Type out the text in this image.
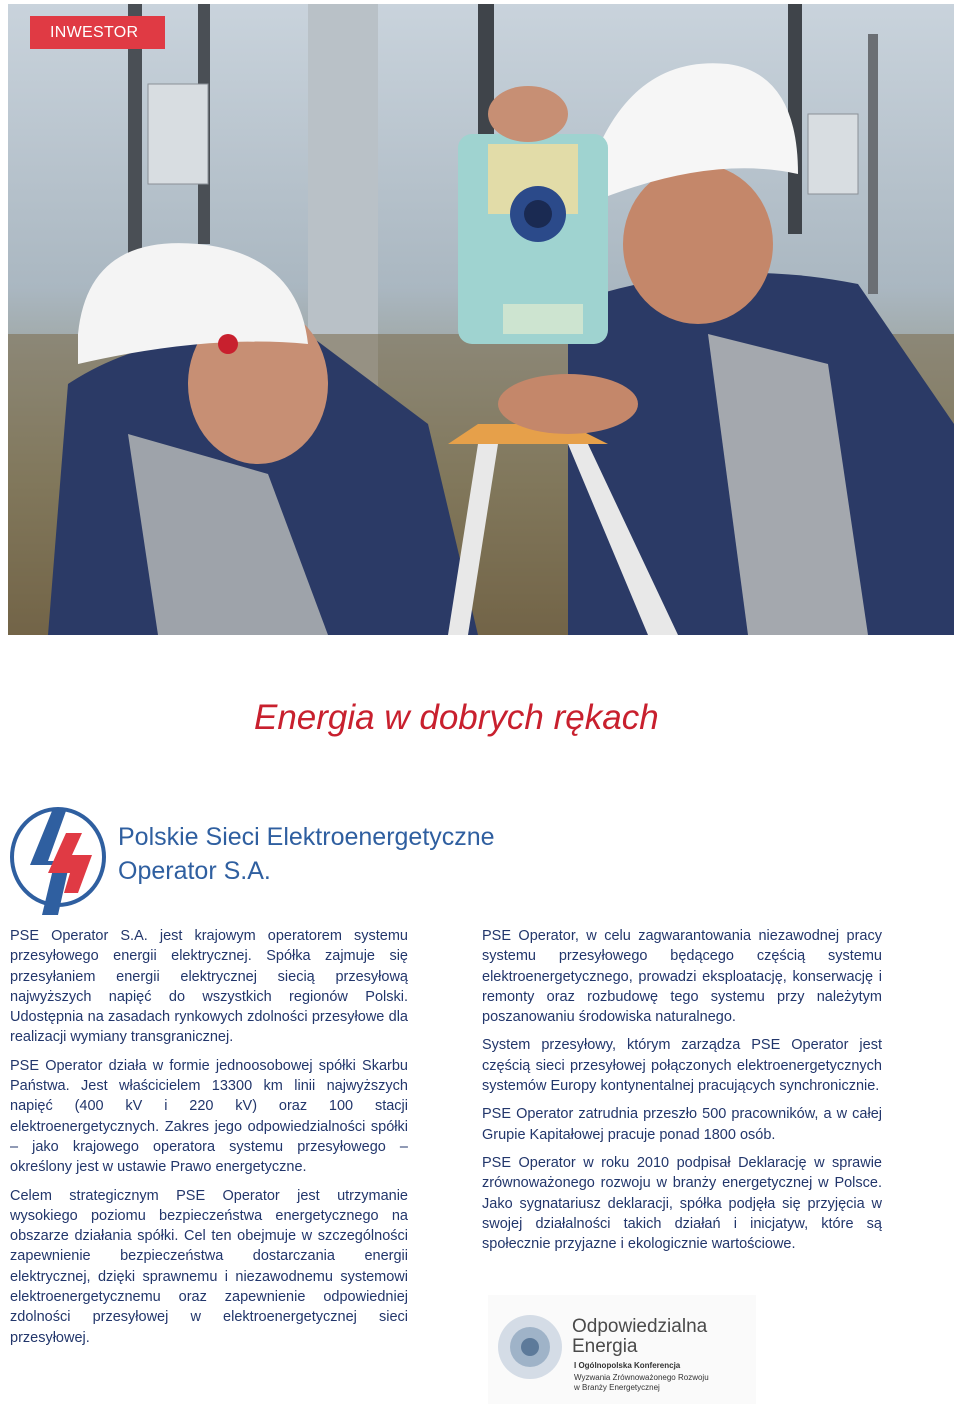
INWESTOR
Energia w dobrych rękach
Polskie Sieci Elektroenergetyczne
Operator S.A.

PSE Operator S.A. jest krajowym operatorem systemu przesyłowego energii elektrycznej. Spółka zajmuje się przesyłaniem energii elektrycznej siecią przesyłową najwyższych napięć do wszystkich regionów Polski. Udostępnia na zasadach rynkowych zdolności przesyłowe dla realizacji wymiany transgranicznej.

PSE Operator działa w formie jednoosobowej spółki Skarbu Państwa. Jest właścicielem 13300 km linii najwyższych napięć (400 kV i 220 kV) oraz 100 stacji elektroenergetycznych. Zakres jego odpowiedzialności spółki – jako krajowego operatora systemu przesyłowego – określony jest w ustawie Prawo energetyczne.

Celem strategicznym PSE Operator jest utrzymanie wysokiego poziomu bezpieczeństwa energetycznego na obszarze działania spółki. Cel ten obejmuje w szczególności zapewnienie bezpieczeństwa dostarczania energii elektrycznej, dzięki sprawnemu i niezawodnemu systemowi elektroenergetycznemu oraz zapewnienie odpowiedniej zdolności przesyłowej w elektroenergetycznej sieci przesyłowej.

PSE Operator, w celu zagwarantowania niezawodnej pracy systemu przesyłowego będącego częścią systemu elektroenergetycznego, prowadzi eksploatację, konserwację i remonty oraz rozbudowę tego systemu przy należytym poszanowaniu środowiska naturalnego.

System przesyłowy, którym zarządza PSE Operator jest częścią sieci przesyłowej połączonych elektroenergetycznych systemów Europy kontynentalnej pracujących synchronicznie.

PSE Operator zatrudnia przeszło 500 pracowników, a w całej Grupie Kapitałowej pracuje ponad 1800 osób.

PSE Operator w roku 2010 podpisał Deklarację w sprawie zrównoważonego rozwoju w branży energetycznej w Polsce. Jako sygnatariusz deklaracji, spółka podjęła się przyjęcia w swojej działalności takich działań i inicjatyw, które są społecznie przyjazne i ekologicznie wartościowe.

Odpowiedzialna
Energia
I Ogólnopolska Konferencja
Wyzwania Zrównoważonego Rozwoju
w Branży Energetycznej
